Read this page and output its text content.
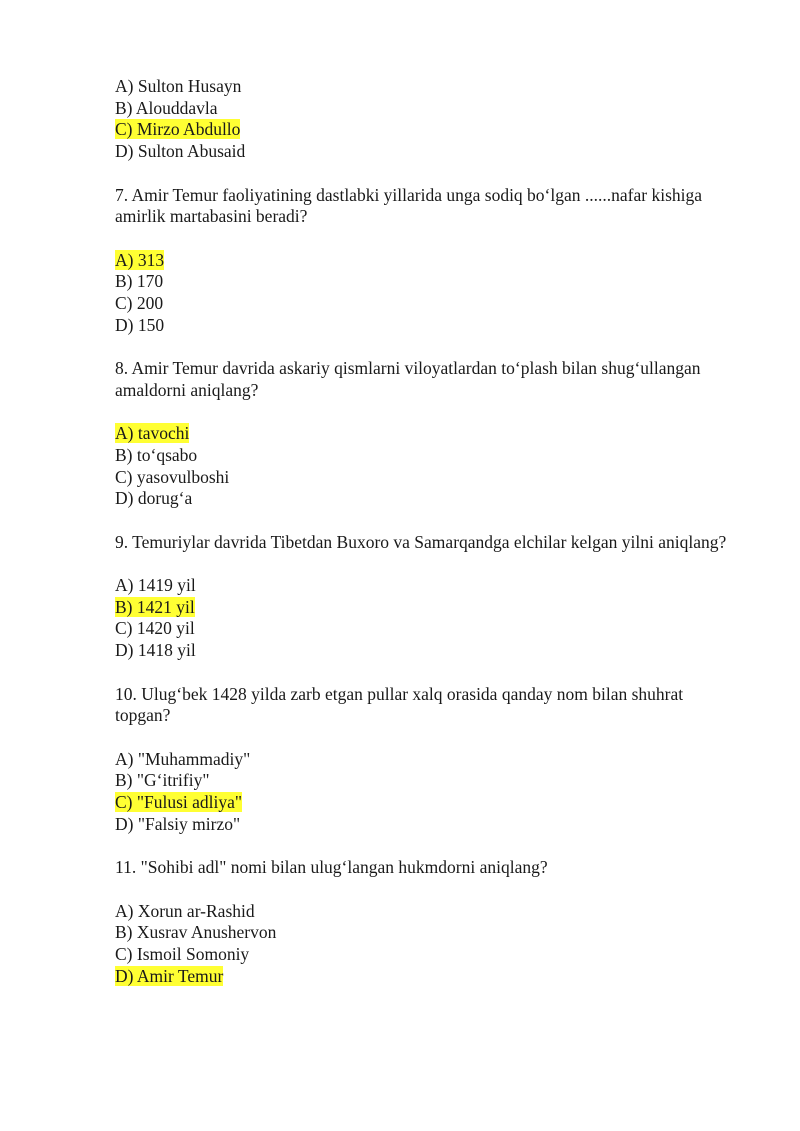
A) Sulton Husayn
B) Alouddavla
C) Mirzo Abdullo
D) Sulton Abusaid
7. Amir Temur faoliyatining dastlabki yillarida unga sodiq bo‘lgan ......nafar kishiga amirlik martabasini beradi?
A) 313
B) 170
C) 200
D) 150
8. Amir Temur davrida askariy qismlarni viloyatlardan to‘plash bilan shug‘ullangan amaldorni aniqlang?
A) tavochi
B) to‘qsabo
C) yasovulboshi
D) dorug‘a
9. Temuriylar davrida Tibetdan Buxoro va Samarqandga elchilar kelgan yilni aniqlang?
A) 1419 yil
B) 1421 yil
C) 1420 yil
D) 1418 yil
10. Ulug‘bek 1428 yilda zarb etgan pullar xalq orasida qanday nom bilan shuhrat topgan?
A) "Muhammadiy"
B) "G‘itrifiy"
C) "Fulusi adliya"
D) "Falsiy mirzo"
11. "Sohibi adl" nomi bilan ulug‘langan hukmdorni aniqlang?
A) Xorun ar-Rashid
B) Xusrav Anushervon
C) Ismoil Somoniy
D) Amir Temur
